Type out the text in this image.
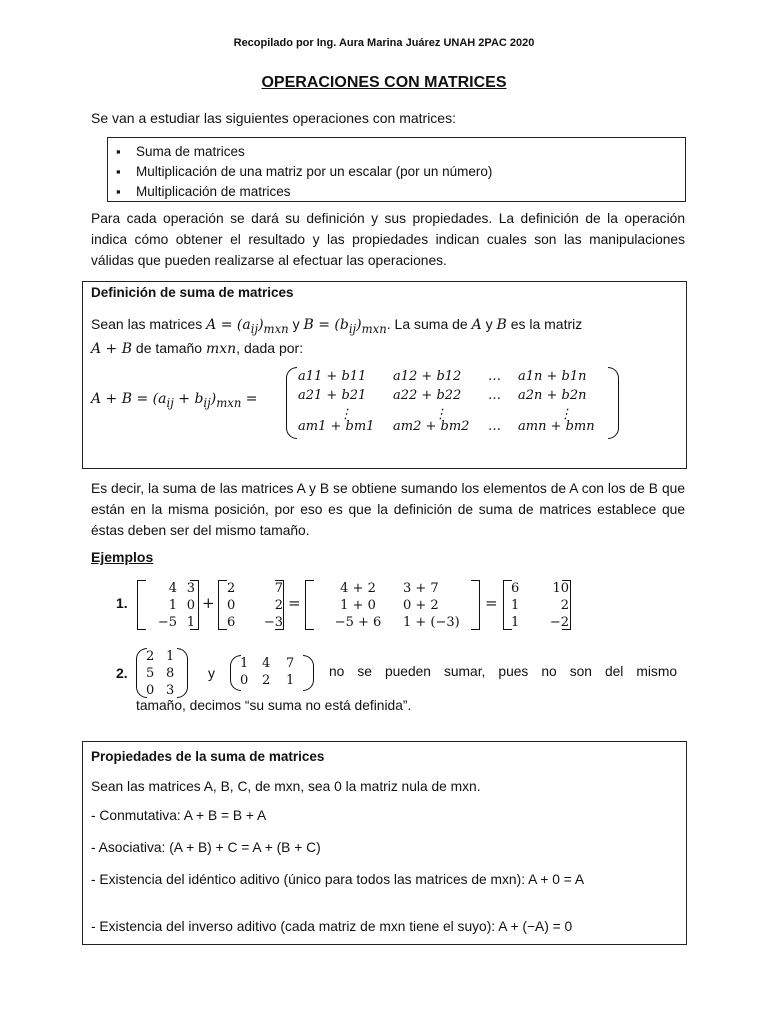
Recopilado por Ing. Aura Marina Juárez UNAH 2PAC 2020
OPERACIONES CON MATRICES
Se van a estudiar las siguientes operaciones con matrices:
▪ Suma de matrices
▪ Multiplicación de una matriz por un escalar (por un número)
▪ Multiplicación de matrices
Para cada operación se dará su definición y sus propiedades. La definición de la operación indica cómo obtener el resultado y las propiedades indican cuales son las manipulaciones válidas que pueden realizarse al efectuar las operaciones.
Definición de suma de matrices
Sean las matrices $A = (a_{ij})_{mxn}$ y $B = (b_{ij})_{mxn}$. La suma de A y B es la matriz
A + B de tamaño mxn, dada por:
$A + B = (a_{ij} + b_{ij})_{mxn}$ =
a11 + b11	a12 + b12	…	a1n + b1n
a21 + b21	a22 + b22	…	a2n + b2n
⋮	⋮	⋮
am1 + bm1	am2 + bm2	…	amn + bmn
Es decir, la suma de las matrices A y B se obtiene sumando los elementos de A con los de B que están en la misma posición, por eso es que la definición de suma de matrices establece que éstas deben ser del mismo tamaño.
Ejemplos
1.
4 3
1 0
−5 1
+
2	7
0	2
6	−3
=
4 + 2	3 + 7
1 + 0	0 + 2
−5 + 6	1 + (−3)
=
6	10
1	2
1	−2
2.
2 1
5 8
0 3
y
1	4	7
0	2	1
no se pueden sumar, pues no son del mismo
tamaño, decimos “su suma no está definida”.
Propiedades de la suma de matrices
Sean las matrices A, B, C, de mxn, sea 0 la matriz nula de mxn.
- Conmutativa: A + B = B + A
- Asociativa: (A + B) + C = A + (B + C)
- Existencia del idéntico aditivo (único para todos las matrices de mxn): A + 0 = A
- Existencia del inverso aditivo (cada matriz de mxn tiene el suyo): A + (−A) = 0
